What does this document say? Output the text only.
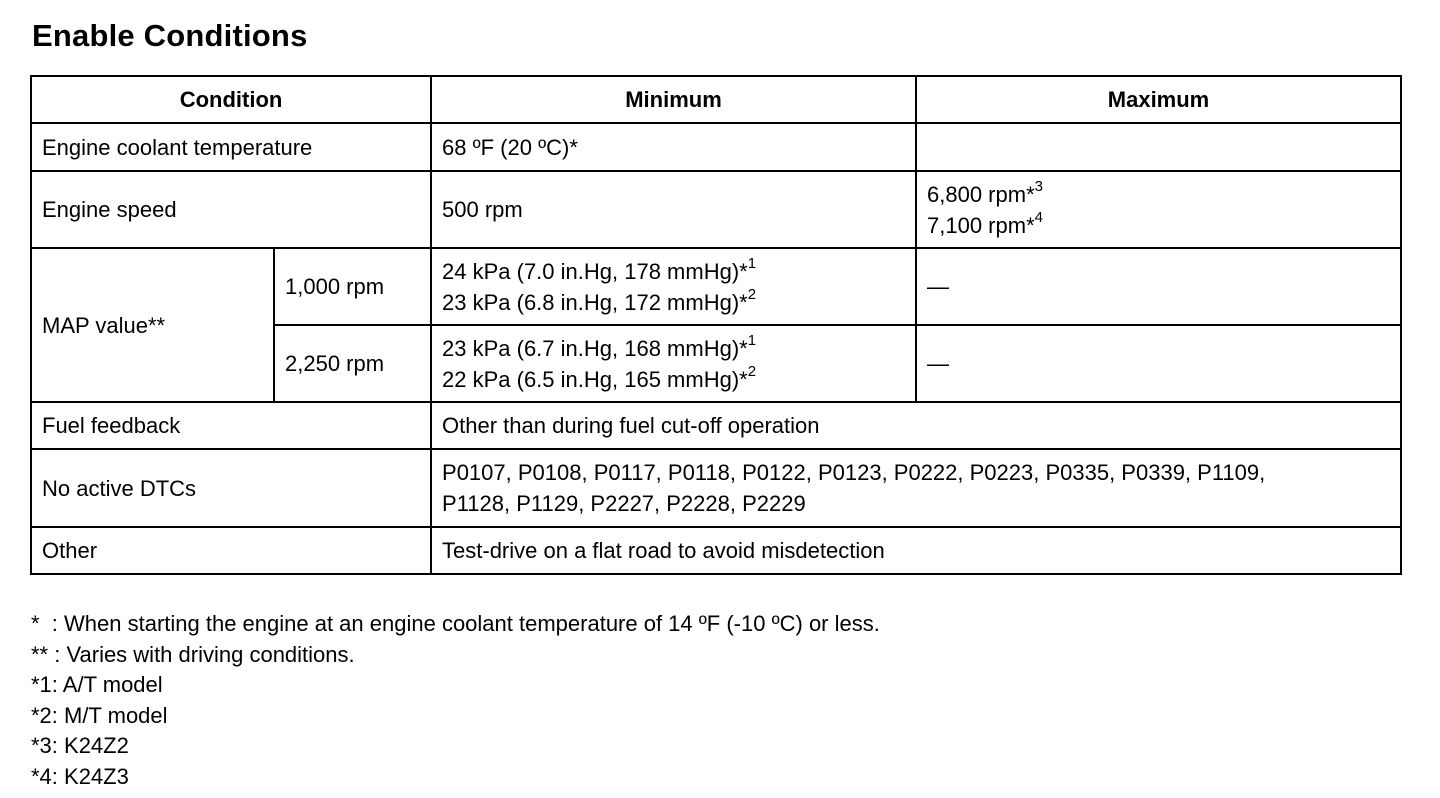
Enable Conditions
Condition		Minimum	Maximum
Engine coolant temperature		68 ºF (20 ºC)*	
Engine speed		500 rpm	6,800 rpm*$^3$
7,100 rpm*$^4$

MAP value**	1,000 rpm	24 kPa (7.0 in.Hg, 178 mmHg)*$^1$
23 kPa (6.8 in.Hg, 172 mmHg)*$^2$	—
	2,250 rpm	23 kPa (6.7 in.Hg, 168 mmHg)*$^1$
22 kPa (6.5 in.Hg, 165 mmHg)*$^2$	—
Fuel feedback		Other than during fuel cut-off operation	
No active DTCs		P0107, P0108, P0117, P0118, P0122, P0123, P0222, P0223, P0335, P0339, P1109,
P1128, P1129, P2227, P2228, P2229	

Other		Test-drive on a flat road to avoid misdetection	
*  : When starting the engine at an engine coolant temperature of 14 ºF (-10 ºC) or less.
** : Varies with driving conditions.
*1: A/T model
*2: M/T model
*3: K24Z2
*4: K24Z3
